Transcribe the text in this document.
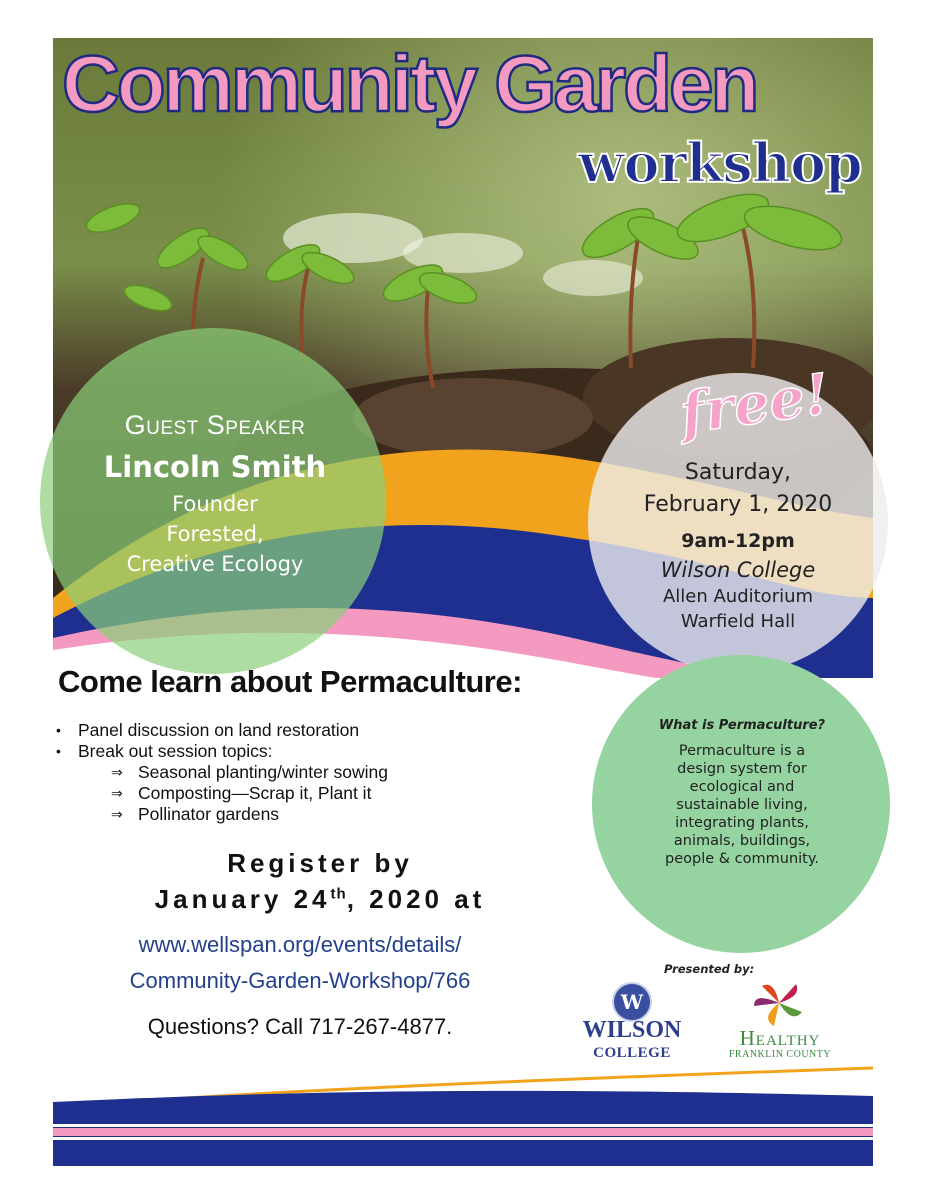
Community Garden
workshop
Guest Speaker
Lincoln Smith
Founder
Forested,
Creative Ecology
free!
Saturday,
February 1, 2020
9am-12pm
Wilson College
Allen Auditorium
Warfield Hall
Come learn about Permaculture:
• Panel discussion on land restoration
• Break out session topics:
⇒ Seasonal planting/winter sowing
⇒ Composting—Scrap it, Plant it
⇒ Pollinator gardens
What is Permaculture?
Permaculture is a
design system for
ecological and
sustainable living,
integrating plants,
animals, buildings,
people & community.
Register by
January 24th, 2020 at
www.wellspan.org/events/details/
Community-Garden-Workshop/766
Questions? Call 717-267-4877.
Presented by:
W
WILSON
COLLEGE
Healthy
FRANKLIN COUNTY
